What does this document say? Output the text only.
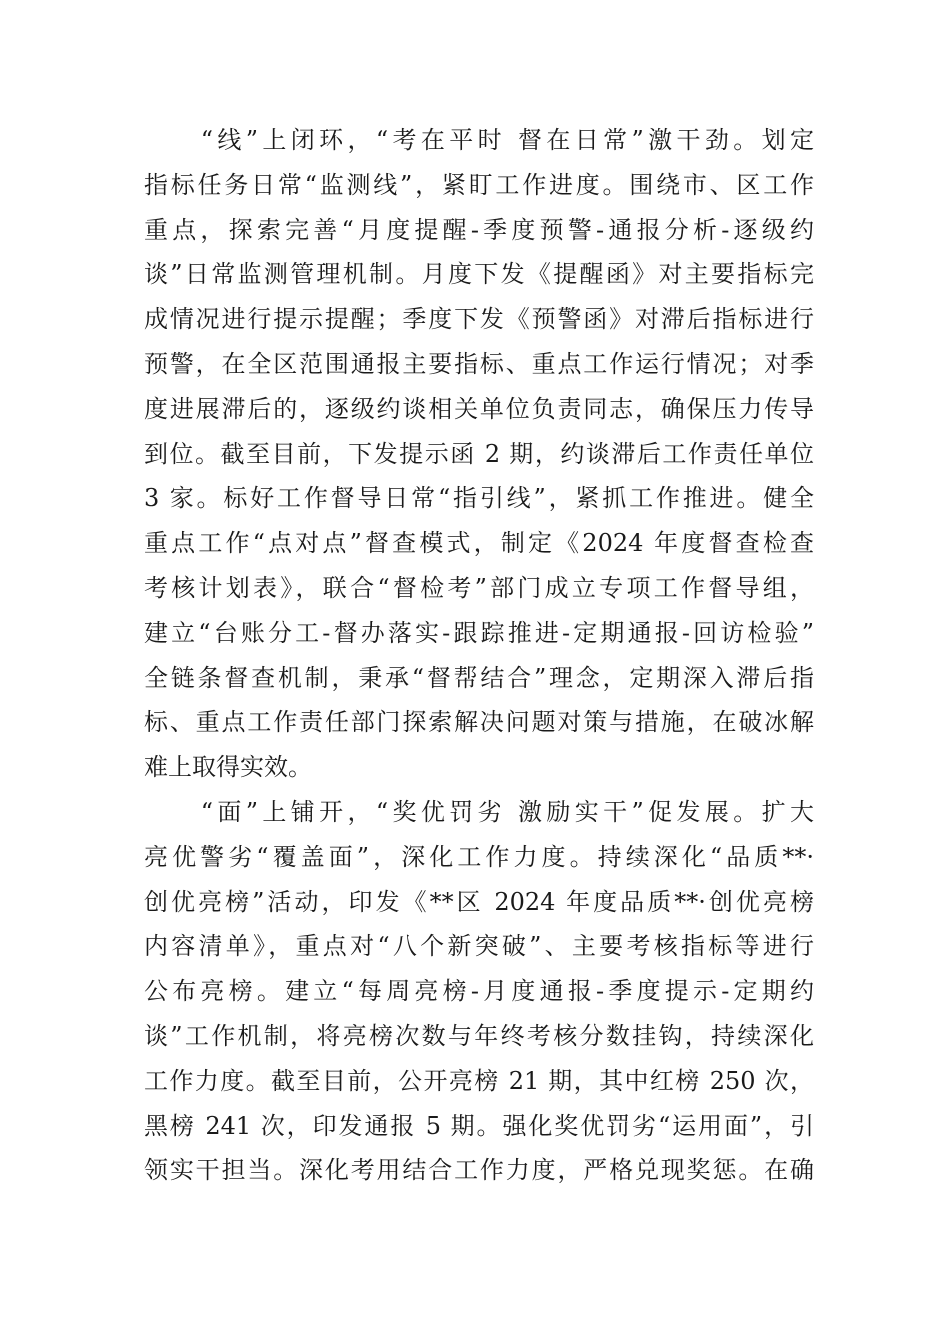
　　“线”上闭环，“考在平时 督在日常”激干劲。划定
指标任务日常“监测线”，紧盯工作进度。围绕市、区工作
重点，探索完善“月度提醒-季度预警-通报分析-逐级约
谈”日常监测管理机制。月度下发《提醒函》对主要指标完
成情况进行提示提醒；季度下发《预警函》对滞后指标进行
预警，在全区范围通报主要指标、重点工作运行情况；对季
度进展滞后的，逐级约谈相关单位负责同志，确保压力传导
到位。截至目前，下发提示函 2 期，约谈滞后工作责任单位
3 家。标好工作督导日常“指引线”，紧抓工作推进。健全
重点工作“点对点”督查模式，制定《2024 年度督查检查
考核计划表》，联合“督检考”部门成立专项工作督导组，
建立“台账分工-督办落实-跟踪推进-定期通报-回访检验”
全链条督查机制，秉承“督帮结合”理念，定期深入滞后指
标、重点工作责任部门探索解决问题对策与措施，在破冰解
难上取得实效。
　　“面”上铺开，“奖优罚劣 激励实干”促发展。扩大
亮优警劣“覆盖面”，深化工作力度。持续深化“品质**·
创优亮榜”活动，印发《**区 2024 年度品质**·创优亮榜
内容清单》，重点对“八个新突破”、主要考核指标等进行
公布亮榜。建立“每周亮榜-月度通报-季度提示-定期约
谈”工作机制，将亮榜次数与年终考核分数挂钩，持续深化
工作力度。截至目前，公开亮榜 21 期，其中红榜 250 次，
黑榜 241 次，印发通报 5 期。强化奖优罚劣“运用面”，引
领实干担当。深化考用结合工作力度，严格兑现奖惩。在确
